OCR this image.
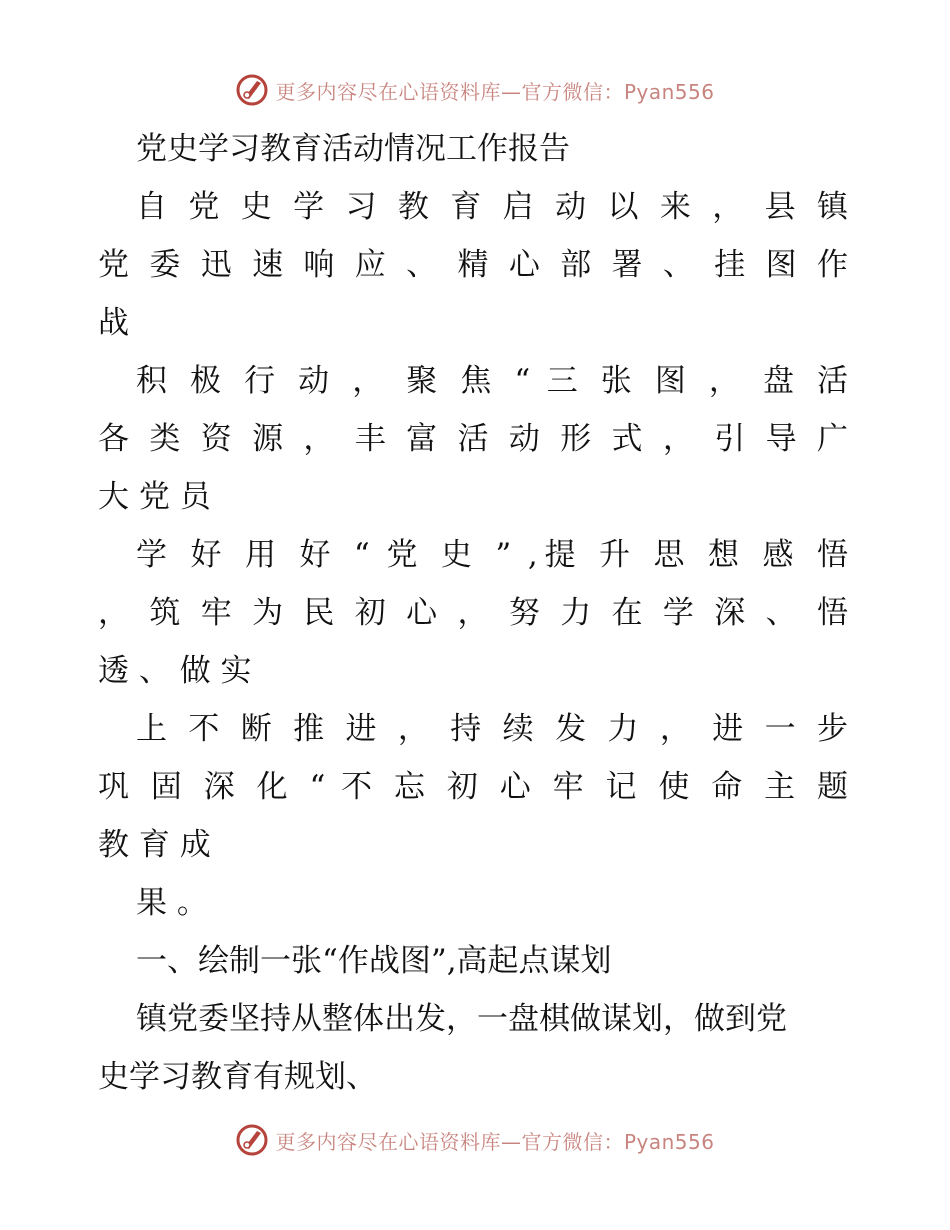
更多内容尽在心语资料库—官方微信：Pyan556
党史学习教育活动情况工作报告
自 党 史 学 习 教 育 启 动 以 来 ， 县 镇
党 委 迅 速 响 应 、 精 心 部 署 、 挂 图 作
战
积 极 行 动 ， 聚 焦 “ 三 张 图 ， 盘 活
各 类 资 源 ， 丰 富 活 动 形 式 ， 引 导 广
大 党 员
学 好 用 好 “ 党 史 ” ,提 升 思 想 感 悟
， 筑 牢 为 民 初 心 ， 努 力 在 学 深 、 悟
透 、 做 实
上 不 断 推 进 ， 持 续 发 力 ， 进 一 步
巩 固 深 化 “ 不 忘 初 心 牢 记 使 命 主 题
教 育 成
果 。
一、绘制一张“作战图”,高起点谋划
镇党委坚持从整体出发，一盘棋做谋划，做到党
史学习教育有规划、
更多内容尽在心语资料库—官方微信：Pyan556
